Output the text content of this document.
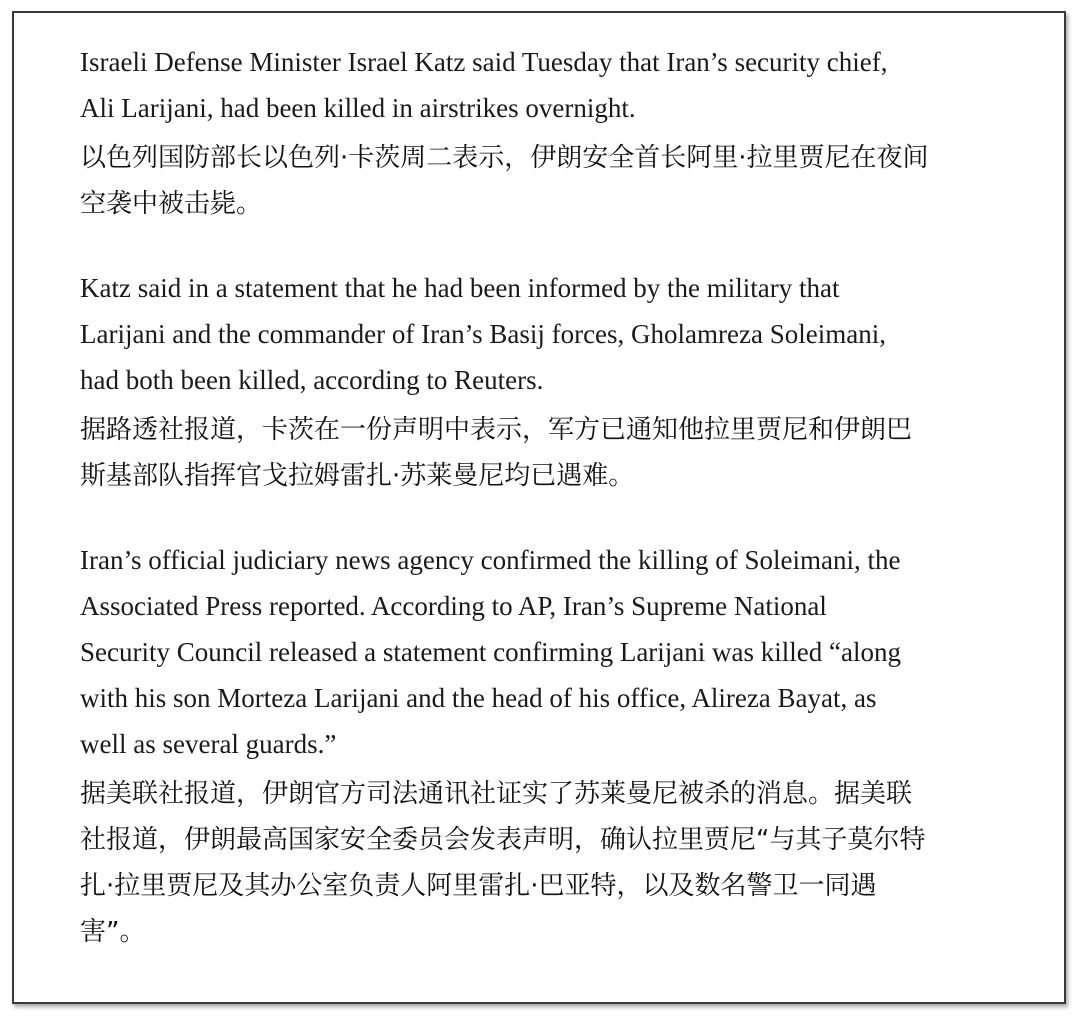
Israeli Defense Minister Israel Katz said Tuesday that Iran’s security chief,
Ali Larijani, had been killed in airstrikes overnight.
以色列国防部长以色列·卡茨周二表示，伊朗安全首长阿里·拉里贾尼在夜间
空袭中被击毙。
Katz said in a statement that he had been informed by the military that
Larijani and the commander of Iran’s Basij forces, Gholamreza Soleimani,
had both been killed, according to Reuters.
据路透社报道，卡茨在一份声明中表示，军方已通知他拉里贾尼和伊朗巴
斯基部队指挥官戈拉姆雷扎·苏莱曼尼均已遇难。
Iran’s official judiciary news agency confirmed the killing of Soleimani, the
Associated Press reported. According to AP, Iran’s Supreme National
Security Council released a statement confirming Larijani was killed “along
with his son Morteza Larijani and the head of his office, Alireza Bayat, as
well as several guards.”
据美联社报道，伊朗官方司法通讯社证实了苏莱曼尼被杀的消息。据美联
社报道，伊朗最高国家安全委员会发表声明，确认拉里贾尼“与其子莫尔特
扎·拉里贾尼及其办公室负责人阿里雷扎·巴亚特，以及数名警卫一同遇
害”。
